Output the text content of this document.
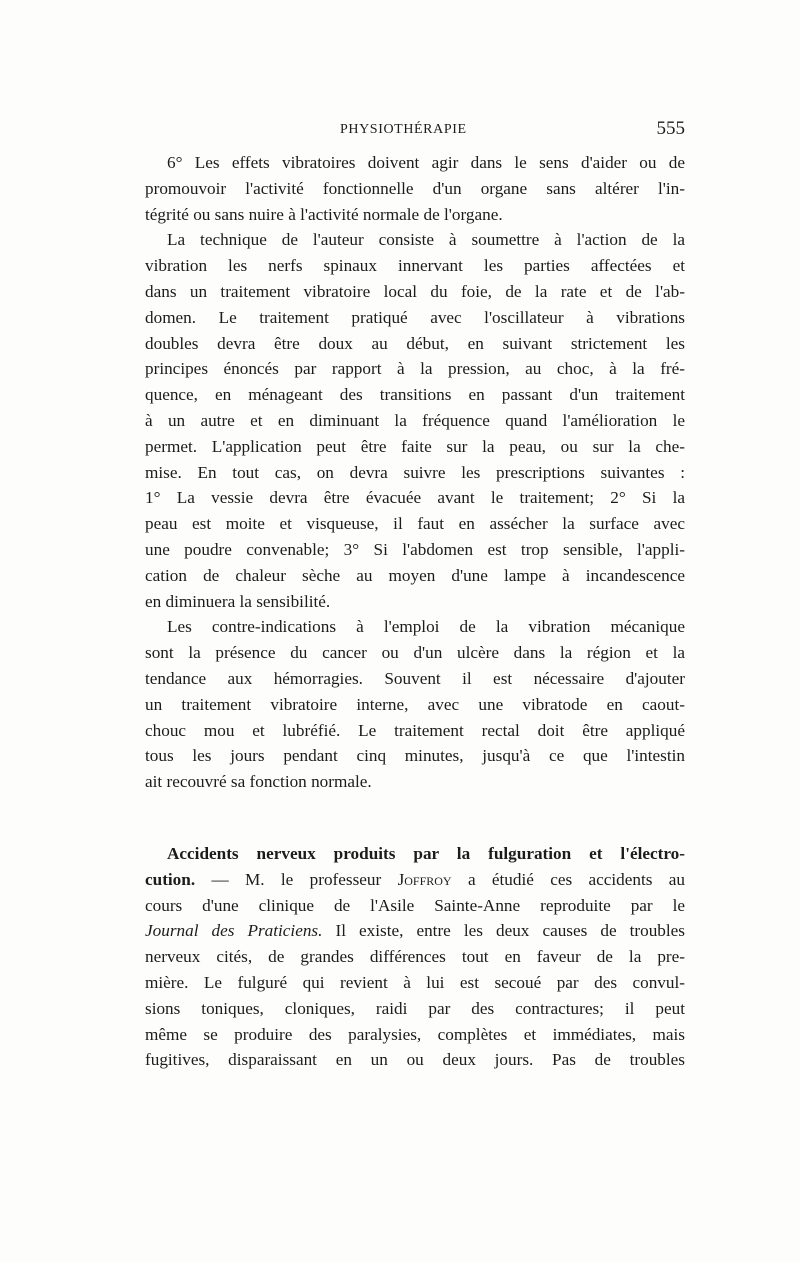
PHYSIOTHÉRAPIE	555
6° Les effets vibratoires doivent agir dans le sens d'aider ou de
promouvoir l'activité fonctionnelle d'un organe sans altérer l'in-
tégrité ou sans nuire à l'activité normale de l'organe.
La technique de l'auteur consiste à soumettre à l'action de la
vibration les nerfs spinaux innervant les parties affectées et
dans un traitement vibratoire local du foie, de la rate et de l'ab-
domen. Le traitement pratiqué avec l'oscillateur à vibrations
doubles devra être doux au début, en suivant strictement les
principes énoncés par rapport à la pression, au choc, à la fré-
quence, en ménageant des transitions en passant d'un traitement
à un autre et en diminuant la fréquence quand l'amélioration le
permet. L'application peut être faite sur la peau, ou sur la che-
mise. En tout cas, on devra suivre les prescriptions suivantes :
1° La vessie devra être évacuée avant le traitement; 2° Si la
peau est moite et visqueuse, il faut en assécher la surface avec
une poudre convenable; 3° Si l'abdomen est trop sensible, l'appli-
cation de chaleur sèche au moyen d'une lampe à incandescence
en diminuera la sensibilité.
Les contre-indications à l'emploi de la vibration mécanique
sont la présence du cancer ou d'un ulcère dans la région et la
tendance aux hémorragies. Souvent il est nécessaire d'ajouter
un traitement vibratoire interne, avec une vibratode en caout-
chouc mou et lubréfié. Le traitement rectal doit être appliqué
tous les jours pendant cinq minutes, jusqu'à ce que l'intestin
ait recouvré sa fonction normale.
Accidents nerveux produits par la fulguration et l'électro-
cution. — M. le professeur Joffroy a étudié ces accidents au
cours d'une clinique de l'Asile Sainte-Anne reproduite par le
Journal des Praticiens. Il existe, entre les deux causes de troubles
nerveux cités, de grandes différences tout en faveur de la pre-
mière. Le fulguré qui revient à lui est secoué par des convul-
sions toniques, cloniques, raidi par des contractures; il peut
même se produire des paralysies, complètes et immédiates, mais
fugitives, disparaissant en un ou deux jours. Pas de troubles
